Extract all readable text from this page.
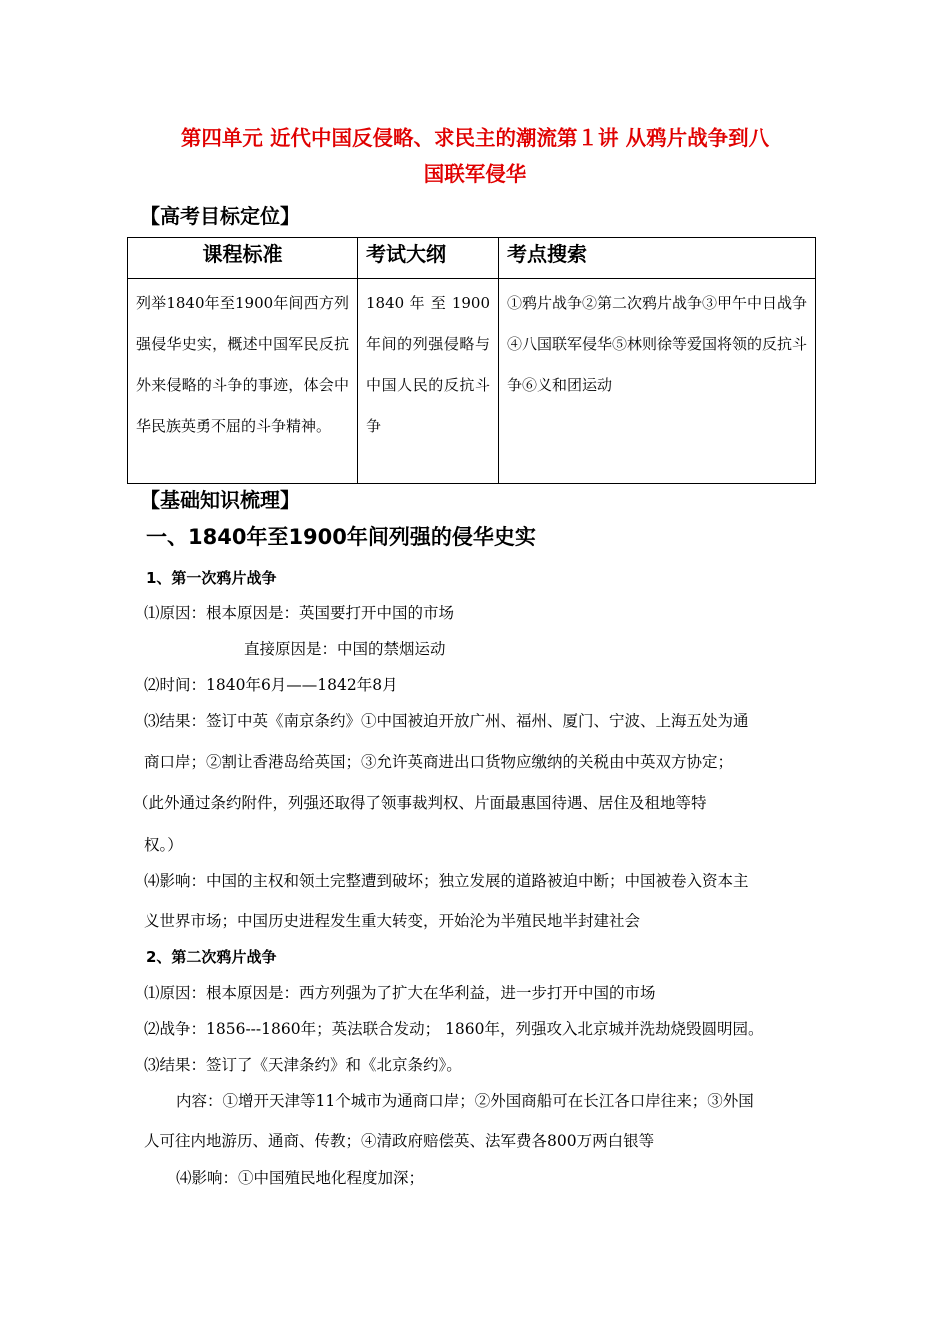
第四单元 近代中国反侵略、求民主的潮流第１讲 从鸦片战争到八
国联军侵华
【高考目标定位】
课程标准	考试大纲	考点搜索
列举1840年至1900年间西方列强侵华史实，概述中国军民反抗外来侵略的斗争的事迹，体会中华民族英勇不屈的斗争精神。	1840 年 至 1900年间的列强侵略与中国人民的反抗斗争	①鸦片战争②第二次鸦片战争③甲午中日战争④八国联军侵华⑤林则徐等爱国将领的反抗斗争⑥义和团运动
【基础知识梳理】
一、1840年至1900年间列强的侵华史实
1、第一次鸦片战争
⑴原因：根本原因是：英国要打开中国的市场
直接原因是：中国的禁烟运动
⑵时间：1840年6月——1842年8月
⑶结果：签订中英《南京条约》①中国被迫开放广州、福州、厦门、宁波、上海五处为通
商口岸；②割让香港岛给英国；③允许英商进出口货物应缴纳的关税由中英双方协定；
（此外通过条约附件，列强还取得了领事裁判权、片面最惠国待遇、居住及租地等特
权。）
⑷影响：中国的主权和领土完整遭到破坏；独立发展的道路被迫中断；中国被卷入资本主
义世界市场；中国历史进程发生重大转变，开始沦为半殖民地半封建社会
2、第二次鸦片战争
⑴原因：根本原因是：西方列强为了扩大在华利益，进一步打开中国的市场
⑵战争：1856---1860年；英法联合发动； 1860年，列强攻入北京城并洗劫烧毁圆明园。
⑶结果：签订了《天津条约》和《北京条约》。
内容：①增开天津等11个城市为通商口岸；②外国商船可在长江各口岸往来；③外国
人可往内地游历、通商、传教；④清政府赔偿英、法军费各800万两白银等
⑷影响：①中国殖民地化程度加深；
